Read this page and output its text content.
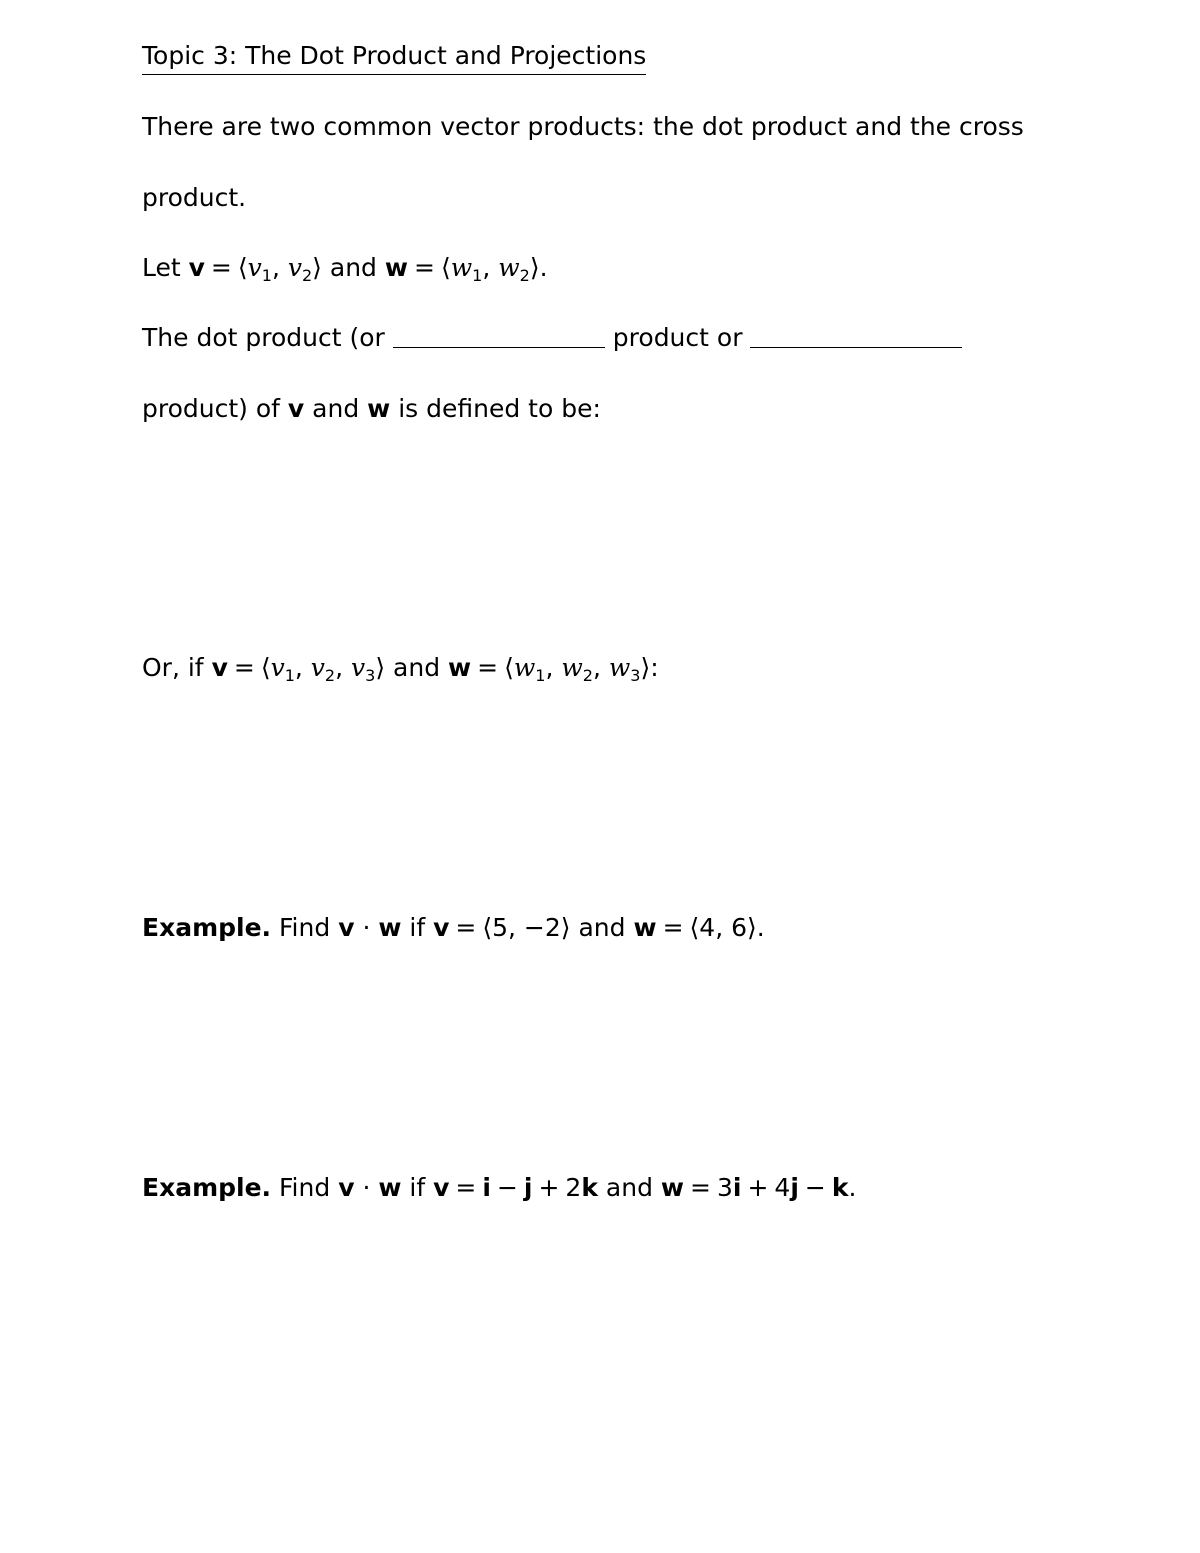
Topic 3: The Dot Product and Projections
There are two common vector products: the dot product and the cross
product.
Let $v = ⟨v_1$, $v_2⟩$ and $w = ⟨w_1$, $w_2⟩$.
The dot product (or	product or
product) of v and w is defined to be:
Or, if $v = ⟨v_1$, $v_2$, $v_3⟩$ and $w = ⟨w_1$, $w_2$, $w_3⟩$:
Example. Find v · w if v = ⟨5, −2⟩ and w = ⟨4, 6⟩.
Example. Find v · w if v = i − j + 2k and w = 3i + 4j − k.
